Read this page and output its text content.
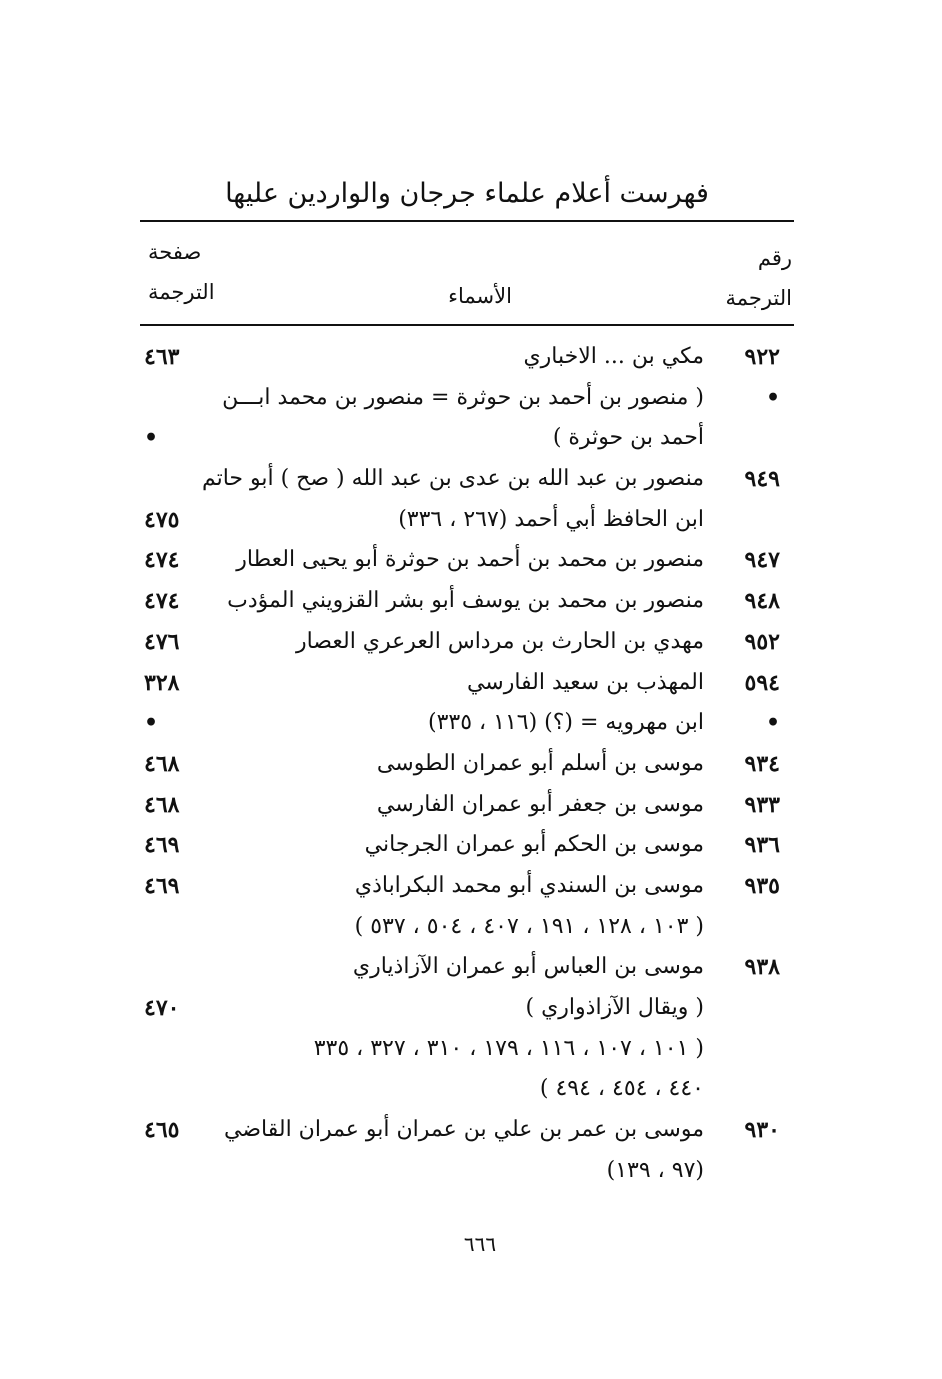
فهرست أعلام علماء جرجان والواردين عليها
رقم
الترجمة
الأسماء
صفحة
الترجمة
٩٢٢
مكي بن ... الاخباري
٤٦٣
•
( منصور بن أحمد بن حوثرة = منصور بن محمد ابـــن
أحمد بن حوثرة )
•
٩٤٩
منصور بن عبد الله بن عدى بن عبد الله ( صح ) أبو حاتم
ابن الحافظ أبي أحمد (٢٦٧ ، ٣٣٦)
٤٧٥
٩٤٧
منصور بن محمد بن أحمد بن حوثرة أبو يحيى العطار
٤٧٤
٩٤٨
منصور بن محمد بن يوسف أبو بشر القزويني المؤدب
٤٧٤
٩٥٢
مهدي بن الحارث بن مرداس العرعري العصار
٤٧٦
٥٩٤
المهذب بن سعيد الفارسي
٣٢٨
•
ابن مهرويه = (؟) (١١٦ ، ٣٣٥)
•
٩٣٤
موسى بن أسلم أبو عمران الطوسى
٤٦٨
٩٣٣
موسى بن جعفر أبو عمران الفارسي
٤٦٨
٩٣٦
موسى بن الحكم أبو عمران الجرجاني
٤٦٩
٩٣٥
موسى بن السندي أبو محمد البكراباذي
٤٦٩
( ١٠٣ ، ١٢٨ ، ١٩١ ، ٤٠٧ ، ٥٠٤ ، ٥٣٧ )
٩٣٨
موسى بن العباس أبو عمران الآزاذياري
( ويقال الآزاذواري )
٤٧٠
( ١٠١ ، ١٠٧ ، ١١٦ ، ١٧٩ ، ٣١٠ ، ٣٢٧ ، ٣٣٥
٤٤٠ ، ٤٥٤ ، ٤٩٤ )
٩٣٠
موسى بن عمر بن علي بن عمران أبو عمران القاضي
٤٦٥
(٩٧ ، ١٣٩)
٦٦٦
